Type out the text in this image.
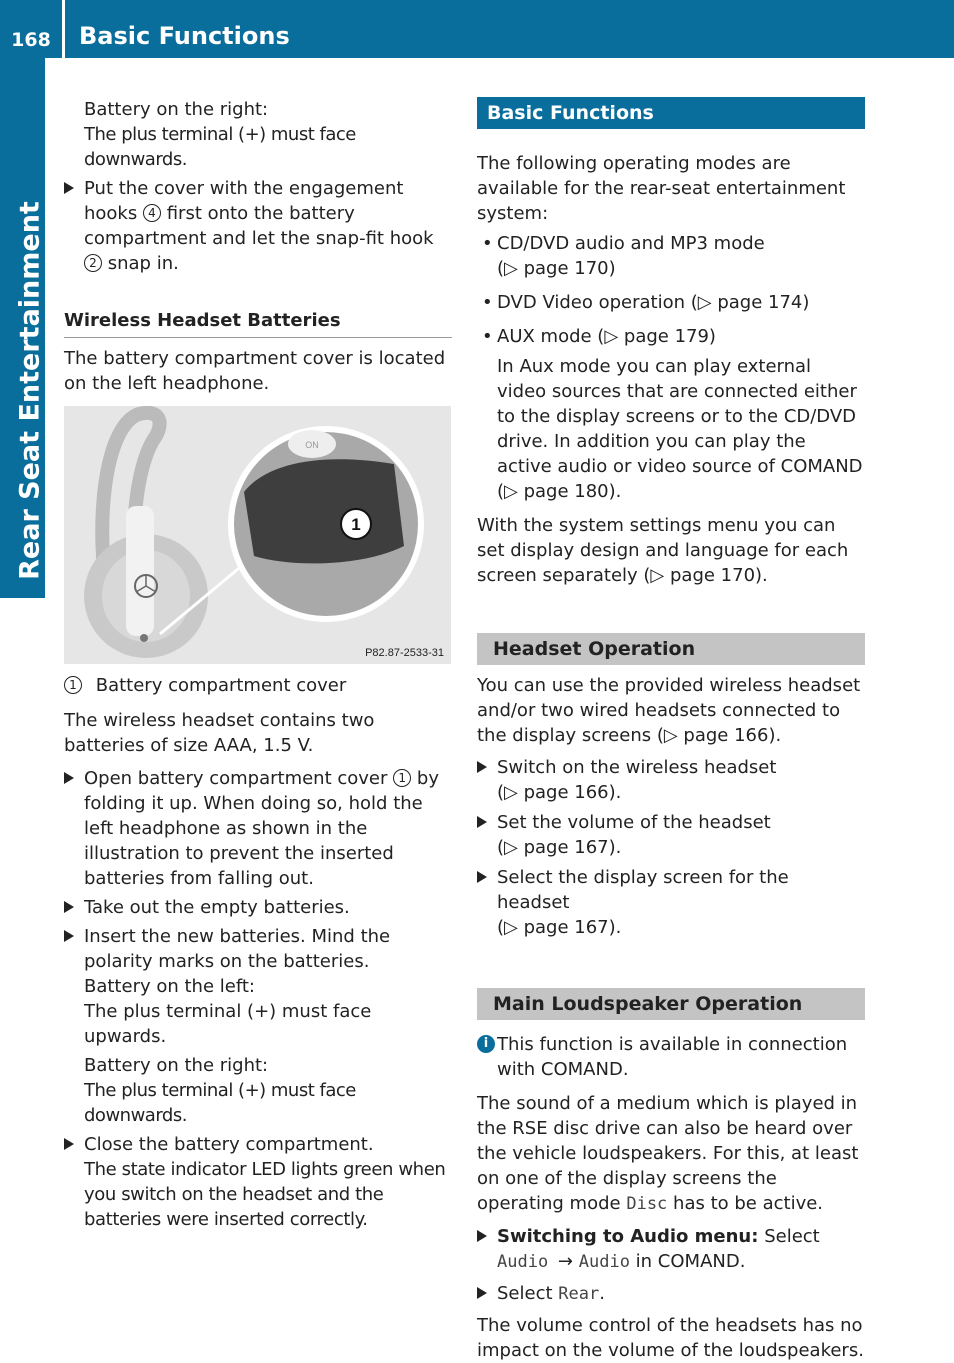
168	Basic Functions
Rear Seat Entertainment

Battery on the right:

The plus terminal (+) must face downwards.

Put the cover with the engagement hooks 4 first onto the battery compartment and let the snap-fit hook 2 snap in.

Wireless Headset Batteries

The battery compartment cover is located on the left headphone.

1
ON
P82.87-2533-31

1 Battery compartment cover

The wireless headset contains two batteries of size AAA, 1.5 V.

Open battery compartment cover 1 by folding it up. When doing so, hold the left headphone as shown in the illustration to prevent the inserted batteries from falling out.
Take out the empty batteries.

Insert the new batteries. Mind the polarity marks on the batteries.

Battery on the left:

The plus terminal (+) must face upwards.

Battery on the right:

The plus terminal (+) must face downwards.

Close the battery compartment.

The state indicator LED lights green when you switch on the headset and the batteries were inserted correctly.

Basic Functions

The following operating modes are available for the rear-seat entertainment system:

• CD/DVD audio and MP3 mode

(▷ page 170)

• DVD Video operation (▷ page 174)

• AUX mode (▷ page 179)

In Aux mode you can play external video sources that are connected either to the display screens or to the CD/DVD drive. In addition you can play the active audio or video source of COMAND (▷ page 180).

With the system settings menu you can set display design and language for each screen separately (▷ page 170).

Headset Operation

You can use the provided wireless headset and/or two wired headsets connected to the display screens (▷ page 166).

Switch on the wireless headset

(▷ page 166).

Set the volume of the headset

(▷ page 167).

Select the display screen for the headset

(▷ page 167).

Main Loudspeaker Operation
i This function is available in connection with COMAND.

The sound of a medium which is played in the RSE disc drive can also be heard over the vehicle loudspeakers. For this, at least on one of the display screens the operating mode Disc has to be active.

Switching to Audio menu: Select Audio → Audio in COMAND.
Select Rear.

The volume control of the headsets has no impact on the volume of the loudspeakers.
